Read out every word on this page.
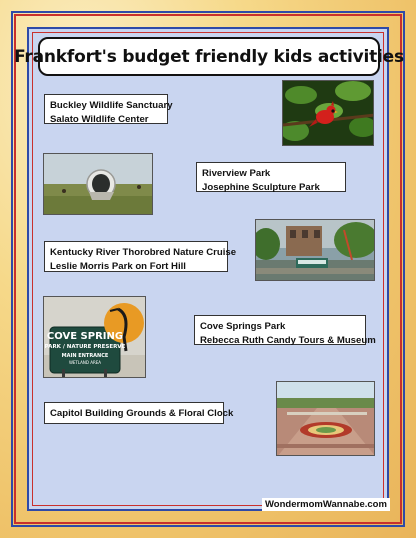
Frankfort's budget friendly kids activities
Buckley Wildlife Sanctuary
Salato Wildlife Center
Riverview Park
Josephine Sculpture Park
Kentucky River Thorobred Nature Cruise
Leslie Morris Park on Fort Hill
COVE SPRING
PARK / NATURE PRESERVE
MAIN ENTRANCE
WETLAND AREA
Cove Springs Park
Rebecca Ruth Candy Tours & Museum
Capitol Building Grounds & Floral Clock
WondermomWannabe.com
